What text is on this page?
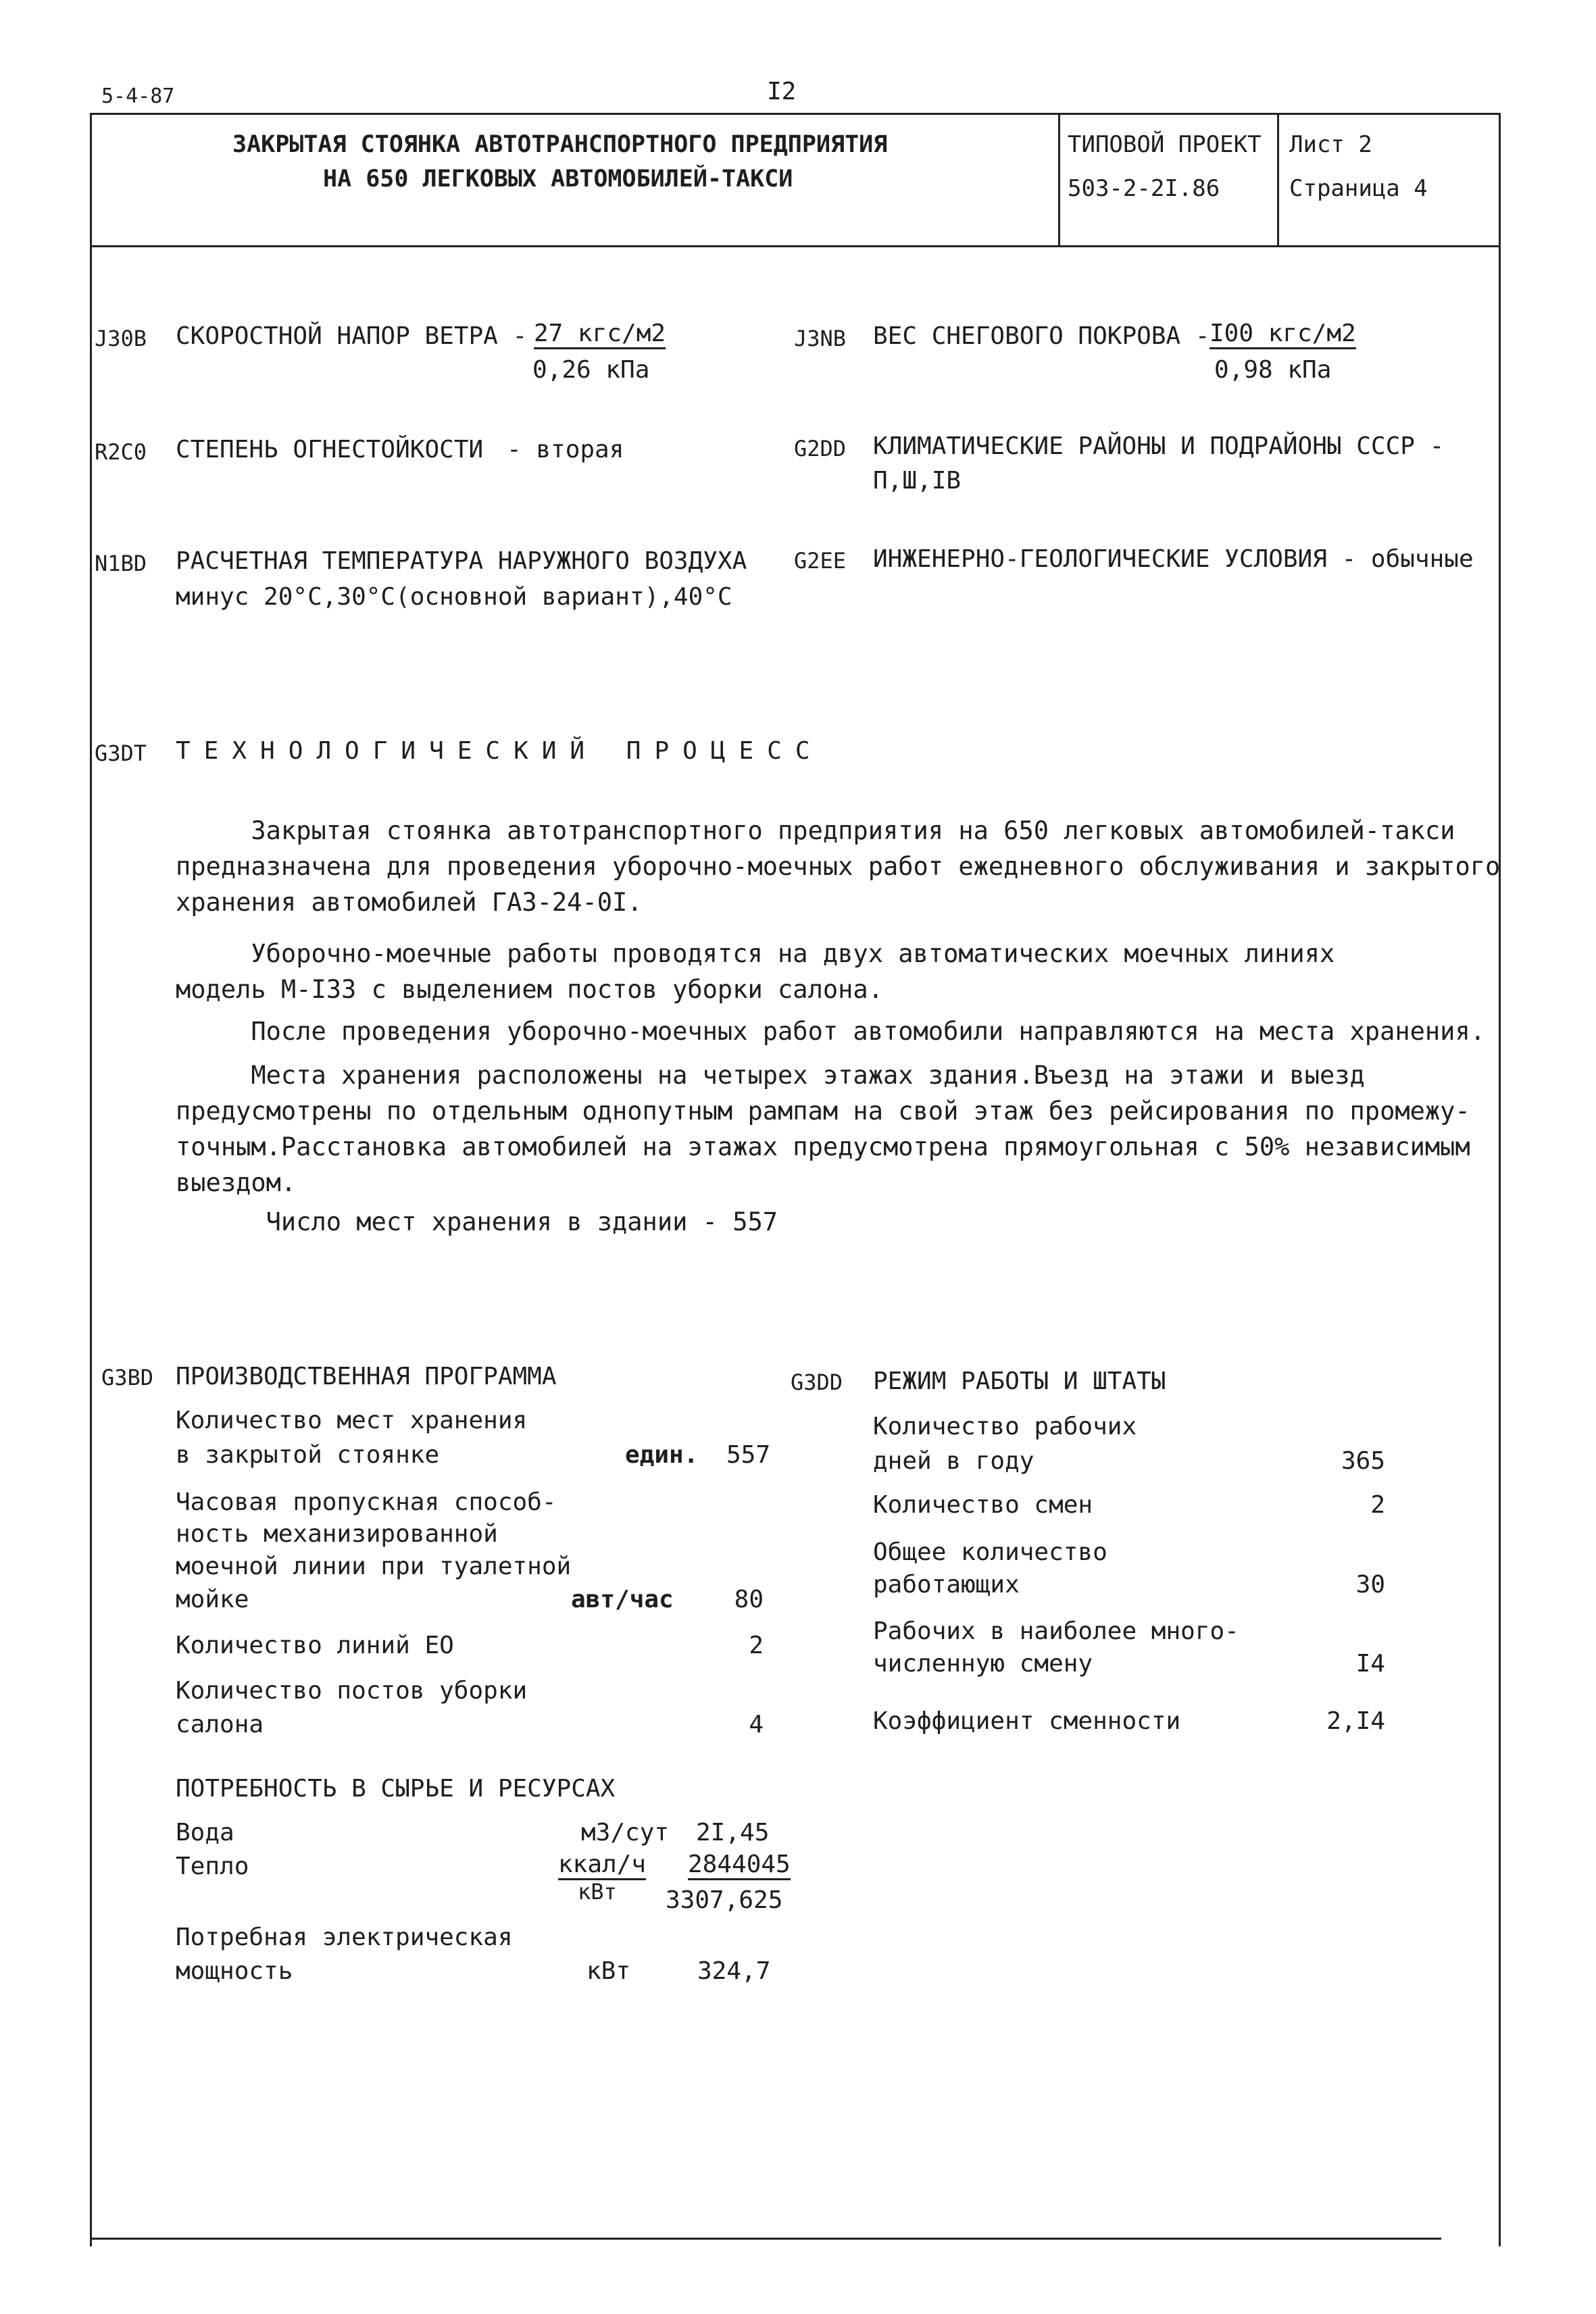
5-4-87	I2
ЗАКРЫТАЯ СТОЯНКА АВТОТРАНСПОРТНОГО ПРЕДПРИЯТИЯ
НА 650 ЛЕГКОВЫХ АВТОМОБИЛЕЙ-ТАКСИ
ТИПОВОЙ ПРОЕКТ
503-2-2I.86
Лист 2
Страница 4
J30B СКОРОСТНОЙ НАПОР ВЕТРА - 27 кгс/м2
0,26 кПа
J3NB ВЕС СНЕГОВОГО ПОКРОВА - I00 кгс/м2
0,98 кПа
R2C0 СТЕПЕНЬ ОГНЕСТОЙКОСТИ - вторая	G2DD КЛИМАТИЧЕСКИЕ РАЙОНЫ И ПОДРАЙОНЫ СССР -
П,Ш,IВ
N1BD РАСЧЕТНАЯ ТЕМПЕРАТУРА НАРУЖНОГО ВОЗДУХА
минус 20°С,30°С(основной вариант),40°С
G2EE ИНЖЕНЕРНО-ГЕОЛОГИЧЕСКИЕ УСЛОВИЯ - обычные
G3DT ТЕХНОЛОГИЧЕСКИЙ ПРОЦЕСС
Закрытая стоянка автотранспортного предприятия на 650 легковых автомобилей-такси
предназначена для проведения уборочно-моечных работ ежедневного обслуживания и закрытого
хранения автомобилей ГАЗ-24-0I.
Уборочно-моечные работы проводятся на двух автоматических моечных линиях
модель М-I33 с выделением постов уборки салона.
После проведения уборочно-моечных работ автомобили направляются на места хранения.
Места хранения расположены на четырех этажах здания.Въезд на этажи и выезд
предусмотрены по отдельным однопутным рампам на свой этаж без рейсирования по промежу-
точным.Расстановка автомобилей на этажах предусмотрена прямоугольная с 50% независимым
выездом.
Число мест хранения в здании - 557
G3BD ПРОИЗВОДСТВЕННАЯ ПРОГРАММА
Количество мест хранения
в закрытой стоянке	един.	557
Часовая пропускная способ-
ность механизированной
моечной линии при туалетной
мойке	авт/час	80
Количество линий ЕО	2
Количество постов уборки
салона	4
ПОТРЕБНОСТЬ В СЫРЬЕ И РЕСУРСАХ
Вода	м3/сут 2I,45
Тепло	ккал/ч 2844045
кВт 3307,625
Потребная электрическая
мощность	кВт	324,7
G3DD РЕЖИМ РАБОТЫ И ШТАТЫ
Количество рабочих
дней в году	365
Количество смен	2
Общее количество
работающих	30
Рабочих в наиболее много-
численную смену	I4
Коэффициент сменности	2,I4
